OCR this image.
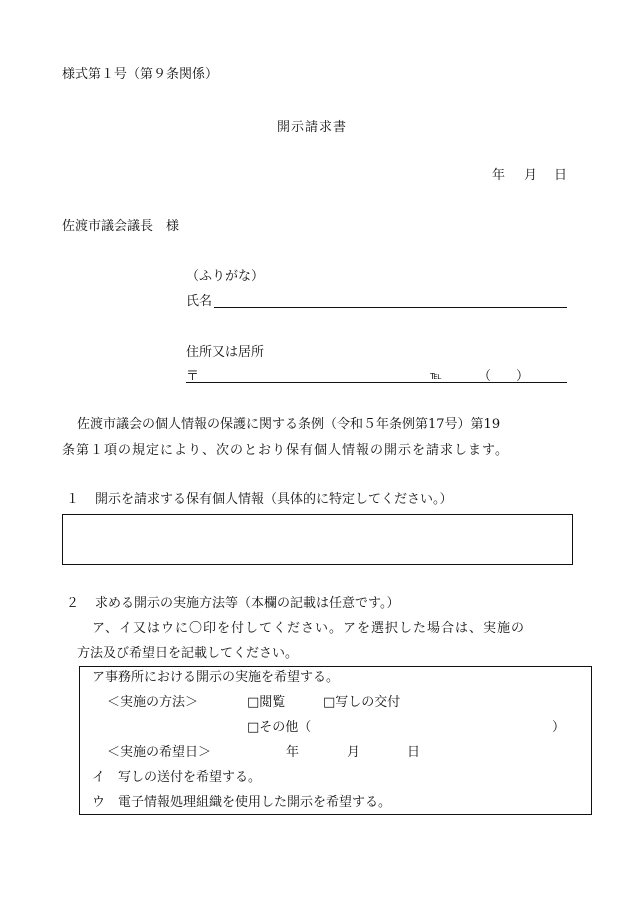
様式第１号（第９条関係）
開示請求書
年 月 日
佐渡市議会議長　様
（ふりがな）
氏名
住所又は居所
〒	℡	（ ）
佐渡市議会の個人情報の保護に関する条例（令和５年条例第17号）第19
条第１項の規定により、次のとおり保有個人情報の開示を請求します。
１ 開示を請求する保有個人情報（具体的に特定してください。）
２ 求める開示の実施方法等（本欄の記載は任意です。）
ア、イ又はウに〇印を付してください。アを選択した場合は、実施の
方法及び希望日を記載してください。
ア事務所における開示の実施を希望する。
＜実施の方法＞	□閲覧	□写しの交付
□その他（	）
＜実施の希望日＞	年	月	日
イ　写しの送付を希望する。
ウ　電子情報処理組織を使用した開示を希望する。
